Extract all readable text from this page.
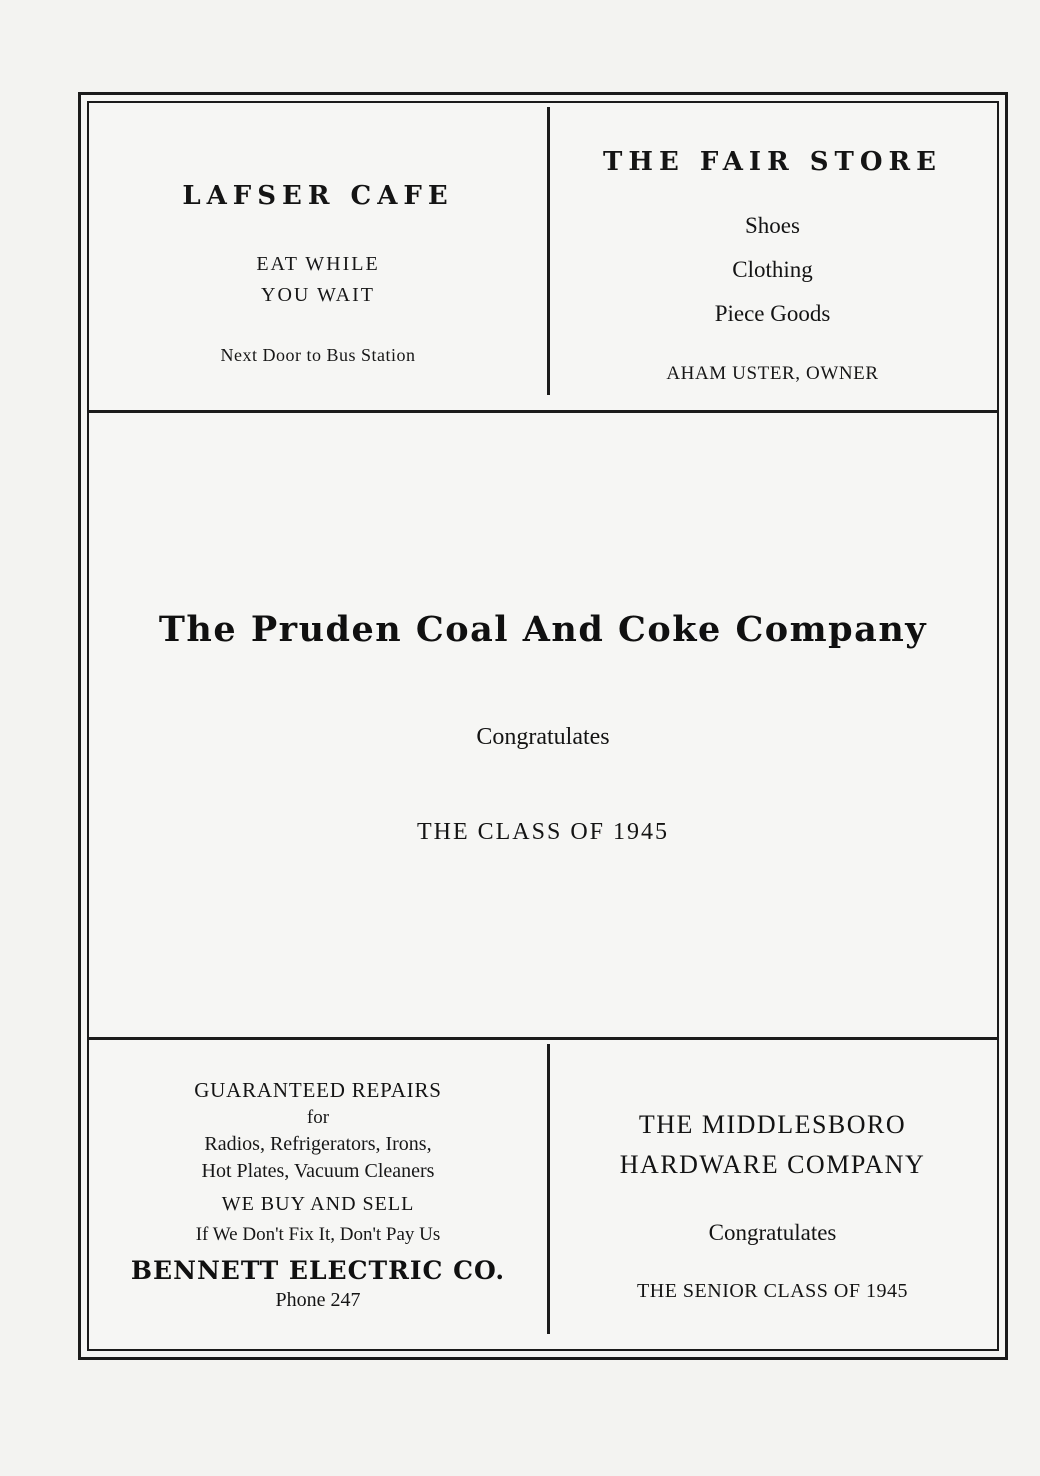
LAFSER CAFE
EAT WHILE
YOU WAIT
Next Door to Bus Station
THE FAIR STORE
Shoes
Clothing
Piece Goods
AHAM USTER, OWNER
The Pruden Coal And Coke Company
Congratulates
THE CLASS OF 1945
GUARANTEED REPAIRS
for
Radios, Refrigerators, Irons,
Hot Plates, Vacuum Cleaners
WE BUY AND SELL
If We Don't Fix It, Don't Pay Us
BENNETT ELECTRIC CO.
Phone 247
THE MIDDLESBORO
HARDWARE COMPANY
Congratulates
THE SENIOR CLASS OF 1945
